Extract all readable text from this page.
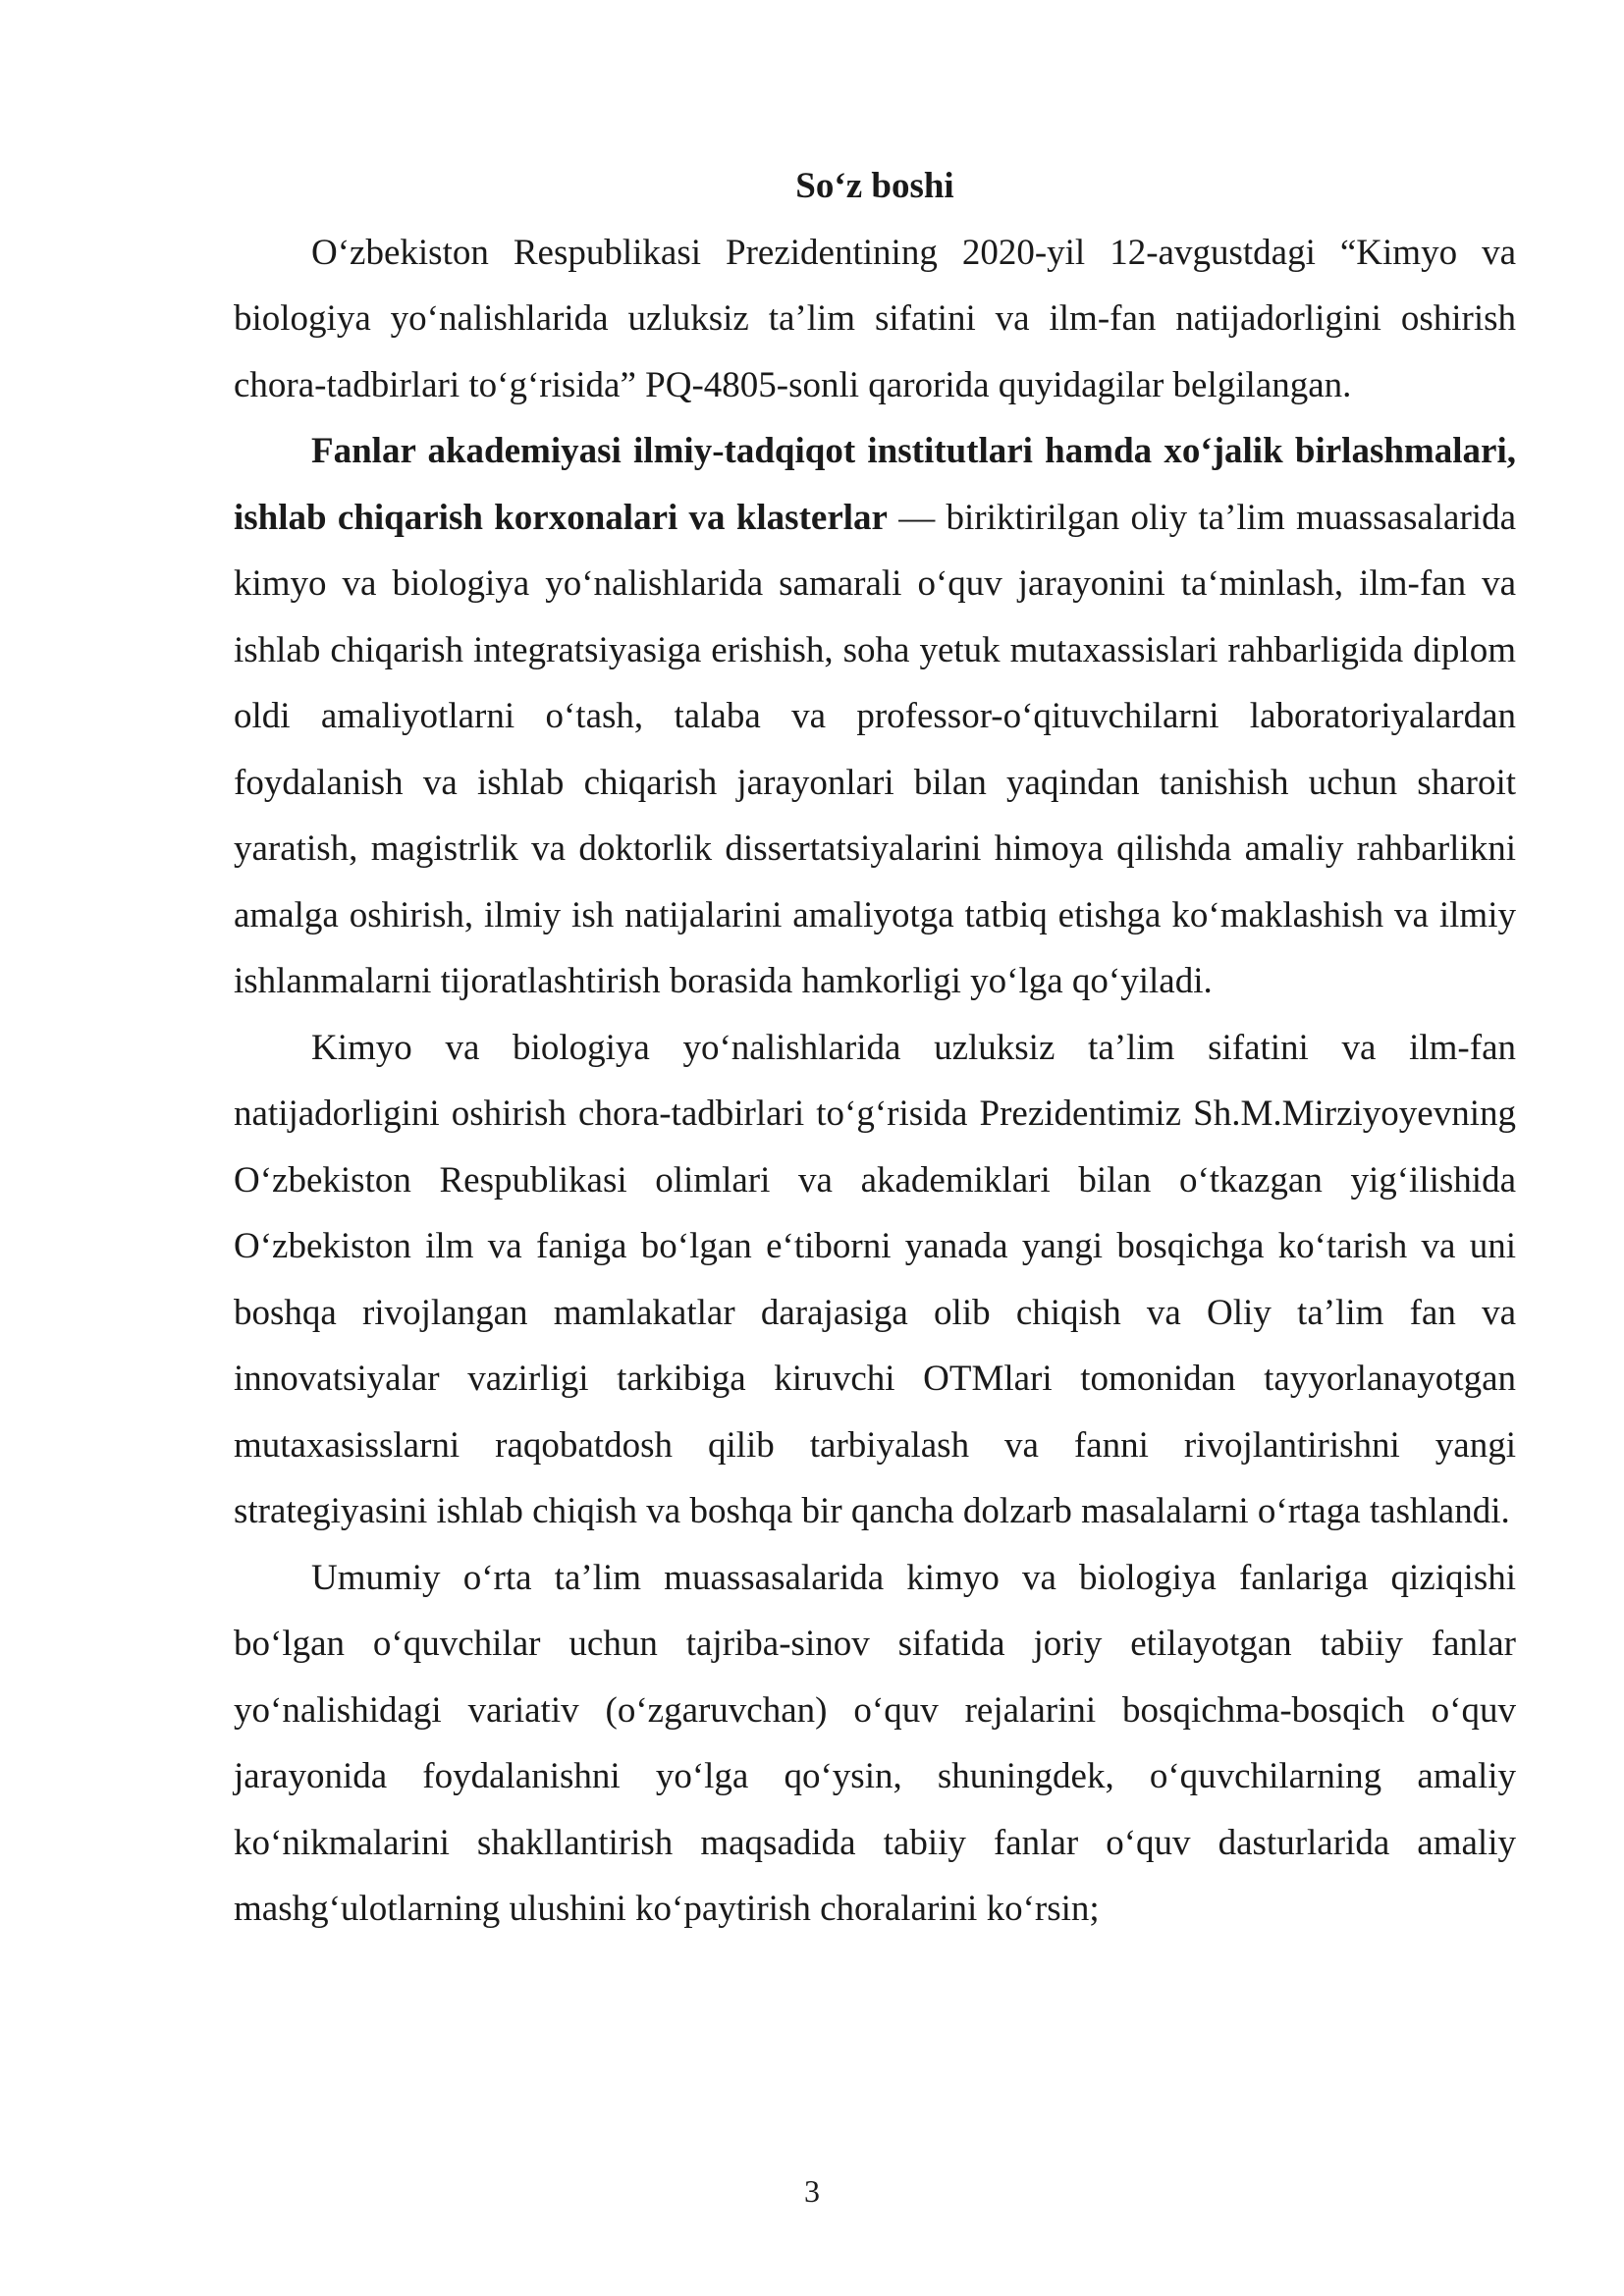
So‘z boshi

O‘zbekiston Respublikasi Prezidentining 2020-yil 12-avgustdagi “Kimyo va biologiya yo‘nalishlarida uzluksiz ta’lim sifatini va ilm-fan natijadorligini oshirish chora-tadbirlari to‘g‘risida” PQ-4805-sonli qarorida quyidagilar belgilangan.

Fanlar akademiyasi ilmiy-tadqiqot institutlari hamda xo‘jalik birlashmalari, ishlab chiqarish korxonalari va klasterlar — biriktirilgan oliy ta’lim muassasalarida kimyo va biologiya yo‘nalishlarida samarali o‘quv jarayonini ta‘minlash, ilm-fan va ishlab chiqarish integratsiyasiga erishish, soha yetuk mutaxassislari rahbarligida diplom oldi amaliyotlarni o‘tash, talaba va professor-o‘qituvchilarni laboratoriyalardan foydalanish va ishlab chiqarish jarayonlari bilan yaqindan tanishish uchun sharoit yaratish, magistrlik va doktorlik dissertatsiyalarini himoya qilishda amaliy rahbarlikni amalga oshirish, ilmiy ish natijalarini amaliyotga tatbiq etishga ko‘maklashish va ilmiy ishlanmalarni tijoratlashtirish borasida hamkorligi yo‘lga qo‘yiladi.

Kimyo va biologiya yo‘nalishlarida uzluksiz ta’lim sifatini va ilm-fan natijadorligini oshirish chora-tadbirlari to‘g‘risida Prezidentimiz Sh.M.Mirziyoyevning O‘zbekiston Respublikasi olimlari va akademiklari bilan o‘tkazgan yig‘ilishida O‘zbekiston ilm va faniga bo‘lgan e‘tiborni yanada yangi bosqichga ko‘tarish va uni boshqa rivojlangan mamlakatlar darajasiga olib chiqish va Oliy ta’lim fan va innovatsiyalar vazirligi tarkibiga kiruvchi OTMlari tomonidan tayyorlanayotgan mutaxasisslarni raqobatdosh qilib tarbiyalash va fanni rivojlantirishni yangi strategiyasini ishlab chiqish va boshqa bir qancha dolzarb masalalarni o‘rtaga tashlandi.

Umumiy o‘rta ta’lim muassasalarida kimyo va biologiya fanlariga qiziqishi bo‘lgan o‘quvchilar uchun tajriba-sinov sifatida joriy etilayotgan tabiiy fanlar yo‘nalishidagi variativ (o‘zgaruvchan) o‘quv rejalarini bosqichma-bosqich o‘quv jarayonida foydalanishni yo‘lga qo‘ysin, shuningdek, o‘quvchilarning amaliy ko‘nikmalarini shakllantirish maqsadida tabiiy fanlar o‘quv dasturlarida amaliy mashg‘ulotlarning ulushini ko‘paytirish choralarini ko‘rsin;

3
